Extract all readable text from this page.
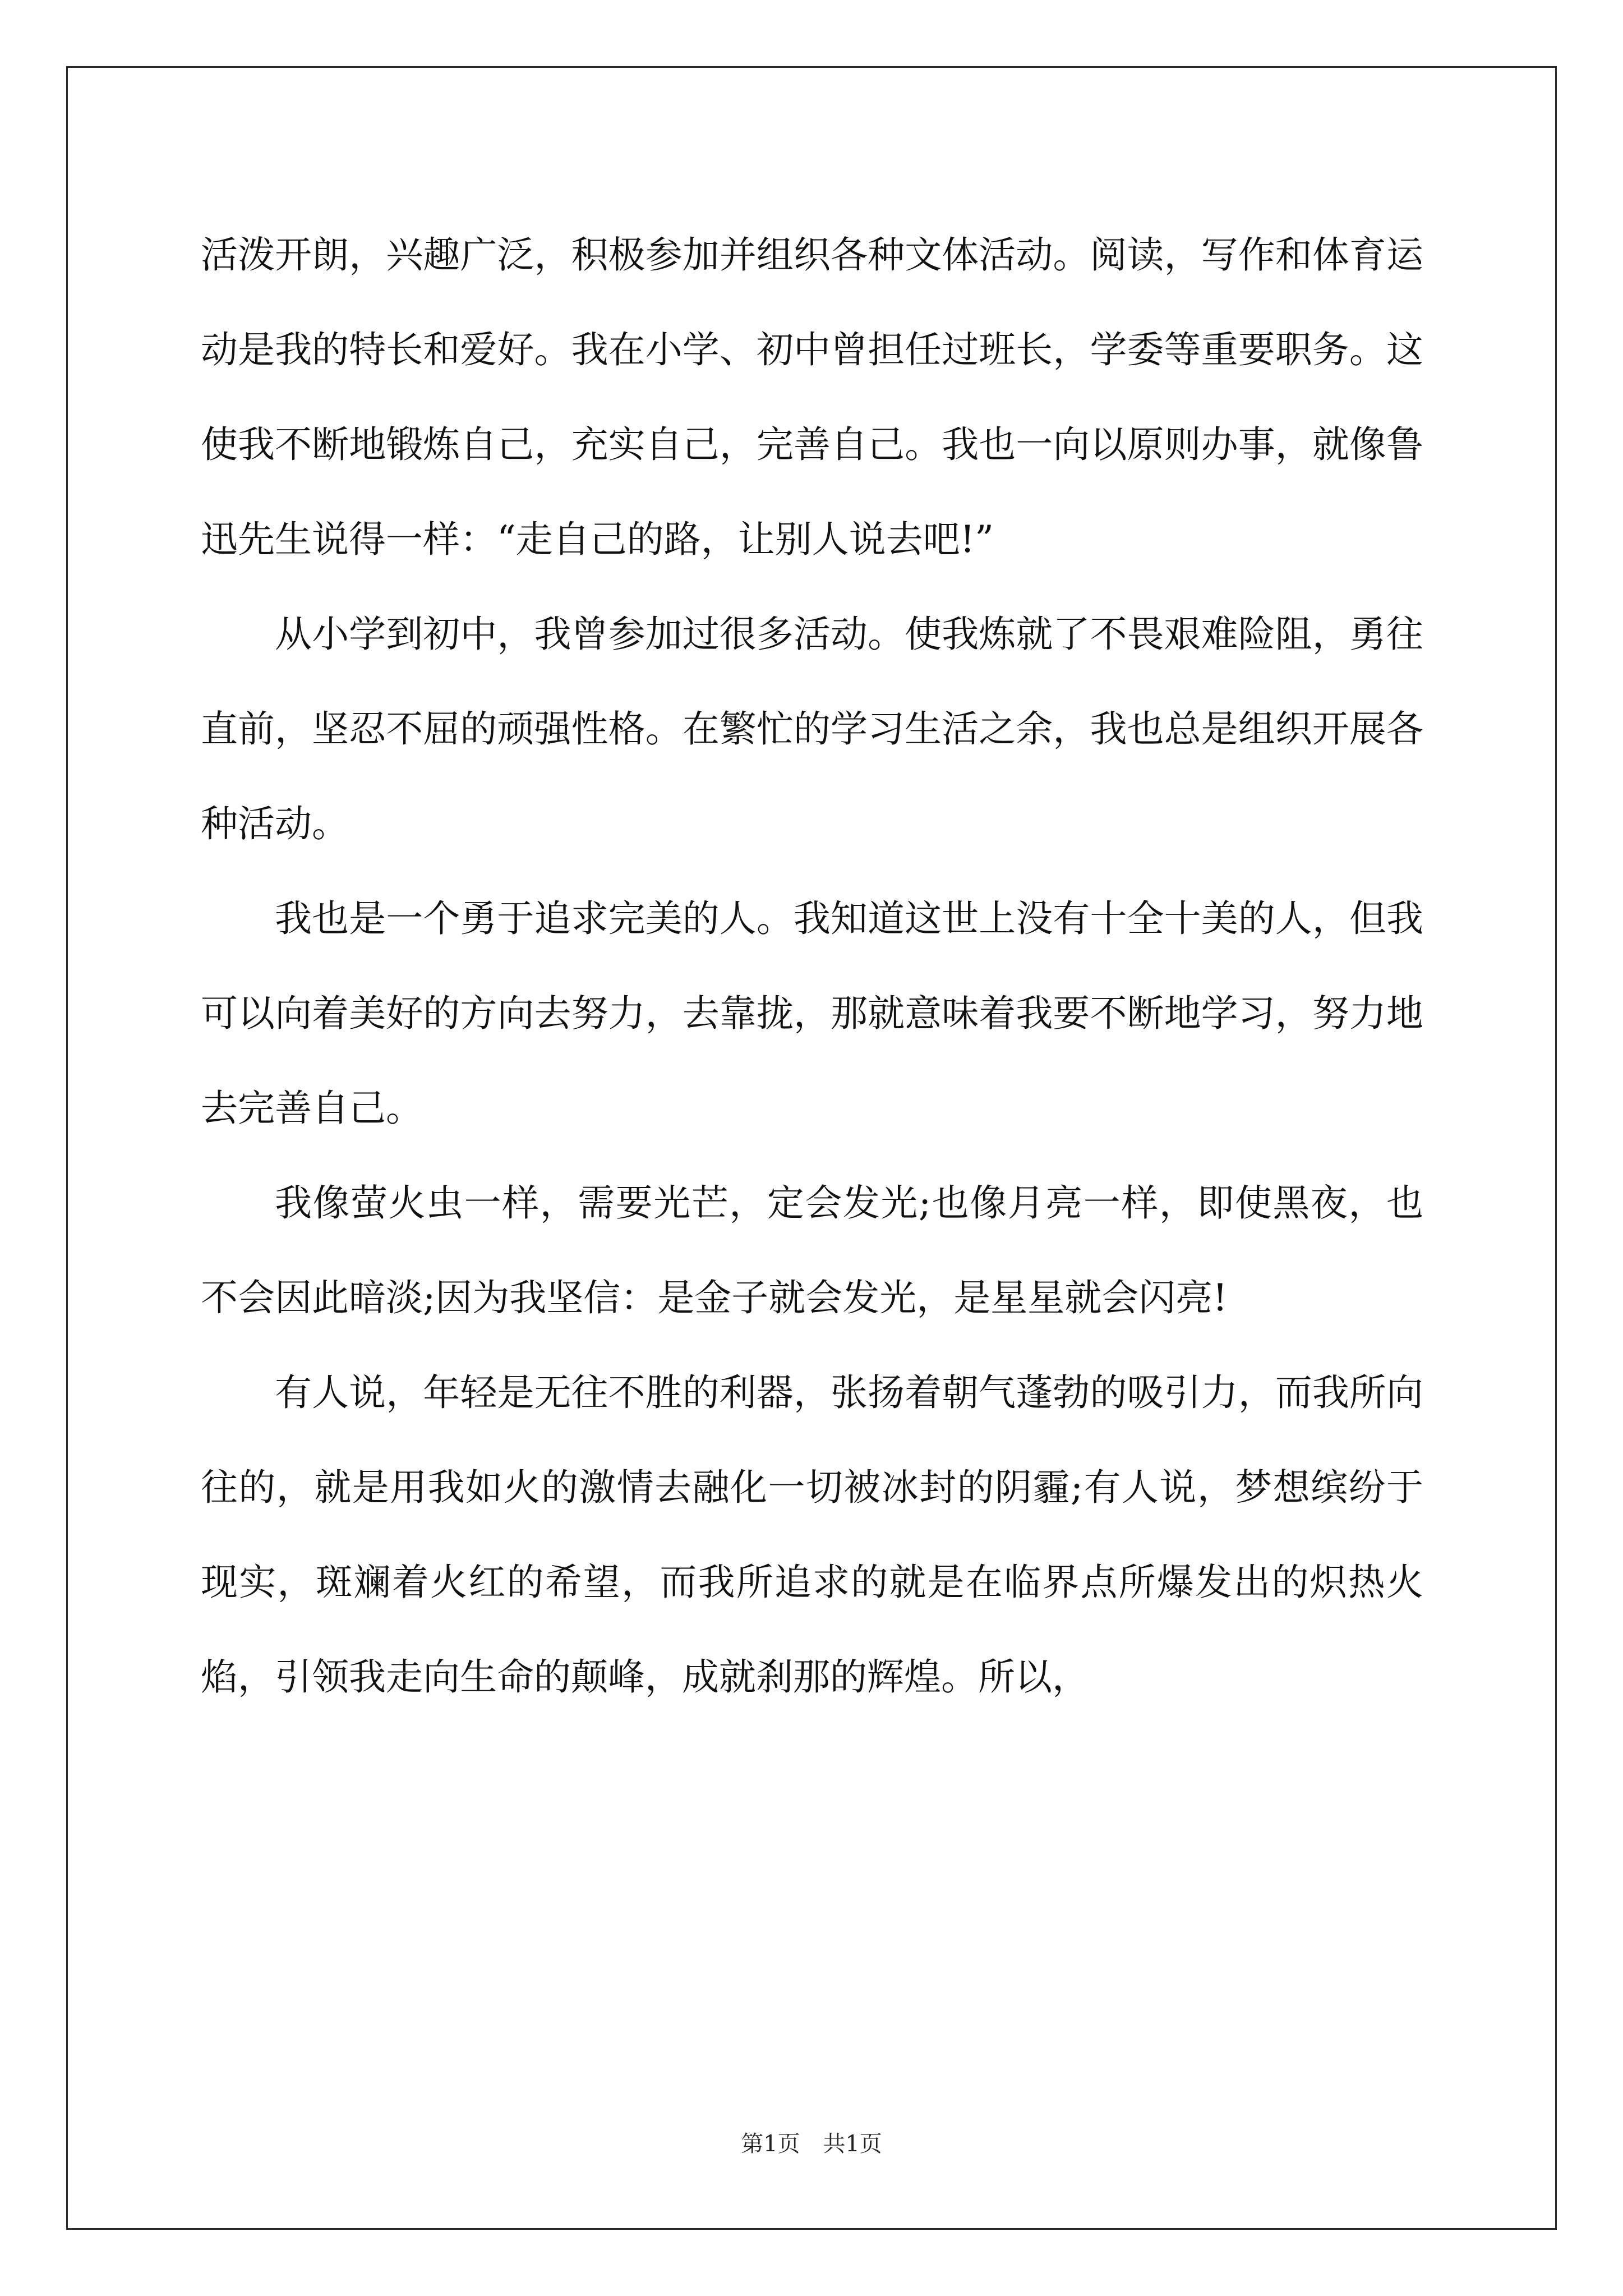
活泼开朗，兴趣广泛，积极参加并组织各种文体活动。阅读，写作和体育运动是我的特长和爱好。我在小学、初中曾担任过班长，学委等重要职务。这使我不断地锻炼自己，充实自己，完善自己。我也一向以原则办事，就像鲁迅先生说得一样：“走自己的路，让别人说去吧!”

从小学到初中，我曾参加过很多活动。使我炼就了不畏艰难险阻，勇往直前，坚忍不屈的顽强性格。在繁忙的学习生活之余，我也总是组织开展各种活动。

我也是一个勇于追求完美的人。我知道这世上没有十全十美的人，但我可以向着美好的方向去努力，去靠拢，那就意味着我要不断地学习，努力地去完善自己。

我像萤火虫一样，需要光芒，定会发光;也像月亮一样，即使黑夜，也不会因此暗淡;因为我坚信：是金子就会发光，是星星就会闪亮!

有人说，年轻是无往不胜的利器，张扬着朝气蓬勃的吸引力，而我所向往的，就是用我如火的激情去融化一切被冰封的阴霾;有人说，梦想缤纷于现实，斑斓着火红的希望，而我所追求的就是在临界点所爆发出的炽热火焰，引领我走向生命的颠峰，成就刹那的辉煌。所以，

第1页 共1页
